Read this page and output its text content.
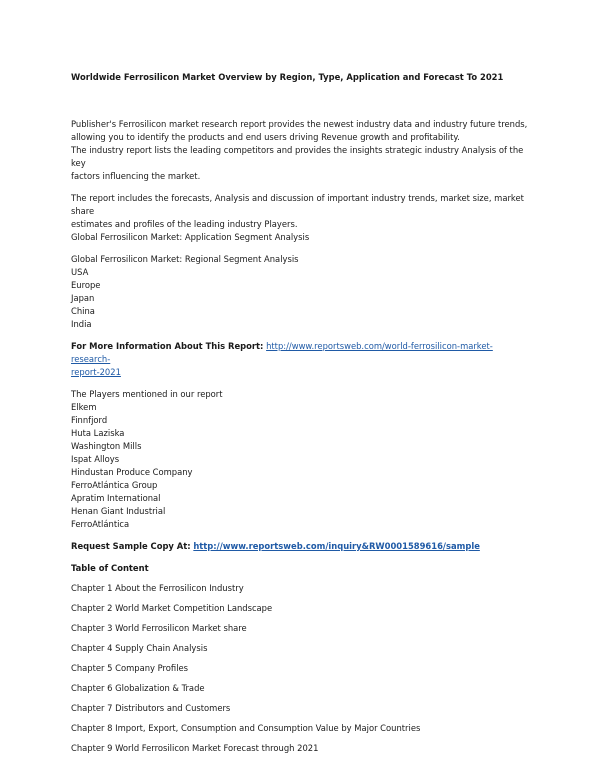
Worldwide Ferrosilicon Market Overview by Region, Type, Application and Forecast To 2021

Publisher's Ferrosilicon market research report provides the newest industry data and industry future trends,

allowing you to identify the products and end users driving Revenue growth and profitability.

The industry report lists the leading competitors and provides the insights strategic industry Analysis of the key

factors influencing the market.

The report includes the forecasts, Analysis and discussion of important industry trends, market size, market share

estimates and profiles of the leading industry Players.

Global Ferrosilicon Market: Application Segment Analysis

Global Ferrosilicon Market: Regional Segment Analysis

USA

Europe

Japan

China

India

For More Information About This Report: http://www.reportsweb.com/world-ferrosilicon-market-research-

report-2021

The Players mentioned in our report

Elkem

Finnfjord

Huta Laziska

Washington Mills

Ispat Alloys

Hindustan Produce Company

FerroAtlántica Group

Apratim International

Henan Giant Industrial

FerroAtlántica

Request Sample Copy At: http://www.reportsweb.com/inquiry&RW0001589616/sample

Table of Content

Chapter 1 About the Ferrosilicon Industry

Chapter 2 World Market Competition Landscape

Chapter 3 World Ferrosilicon Market share

Chapter 4 Supply Chain Analysis

Chapter 5 Company Profiles

Chapter 6 Globalization & Trade

Chapter 7 Distributors and Customers

Chapter 8 Import, Export, Consumption and Consumption Value by Major Countries

Chapter 9 World Ferrosilicon Market Forecast through 2021
